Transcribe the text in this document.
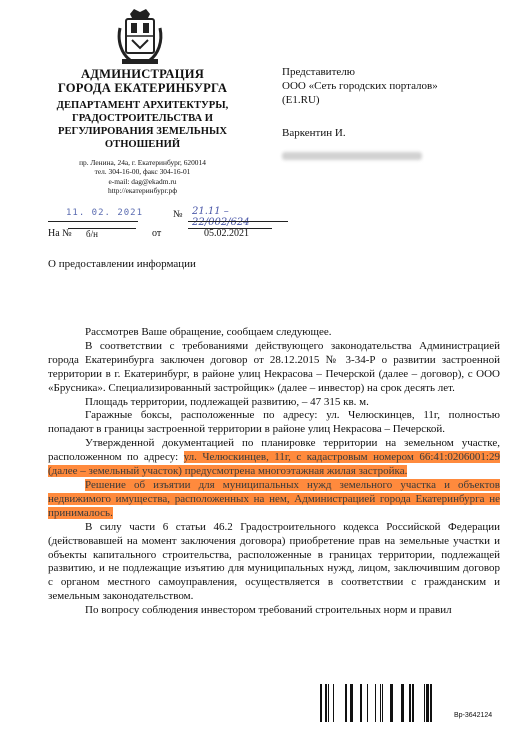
АДМИНИСТРАЦИЯ
ГОРОДА ЕКАТЕРИНБУРГА
ДЕПАРТАМЕНТ АРХИТЕКТУРЫ,
ГРАДОСТРОИТЕЛЬСТВА И
РЕГУЛИРОВАНИЯ ЗЕМЕЛЬНЫХ
ОТНОШЕНИЙ
пр. Ленина, 24а, г. Екатеринбург, 620014
тел. 304-16-00, факс 304-16-01
e-mail: dag@ekadm.ru
http://екатеринбург.рф
11. 02. 2021	№ 21.11 – 22/002/624
На № б/н	от	05.02.2021
О предоставлении информации
Представителю
ООО «Сеть городских порталов»
(E1.RU)
Варкентин И.

Рассмотрев Ваше обращение, сообщаем следующее.

В соответствии с требованиями действующего законодательства Администрацией города Екатеринбурга заключен договор от 28.12.2015 № 3-34-Р о развитии застроенной территории в г. Екатеринбург, в районе улиц Некрасова – Печерской (далее – договор), с ООО «Брусника». Специализированный застройщик» (далее – инвестор) на срок десять лет.

Площадь территории, подлежащей развитию, – 47 315 кв. м.

Гаражные боксы, расположенные по адресу: ул. Челюскинцев, 11г, полностью попадают в границы застроенной территории в районе улиц Некрасова – Печерской.

Утвержденной документацией по планировке территории на земельном участке, расположенном по адресу: ул. Челюскинцев, 11г, с кадастровым номером 66:41:0206001:29 (далее – земельный участок) предусмотрена многоэтажная жилая застройка.

Решение об изъятии для муниципальных нужд земельного участка и объектов недвижимого имущества, расположенных на нем, Администрацией города Екатеринбурга не принималось.

В силу части 6 статьи 46.2 Градостроительного кодекса Российской Федерации (действовавшей на момент заключения договора) приобретение прав на земельные участки и объекты капитального строительства, расположенные в границах территории, подлежащей развитию, и не подлежащие изъятию для муниципальных нужд, лицом, заключившим договор с органом местного самоуправления, осуществляется в соответствии с гражданским и земельным законодательством.

По вопросу соблюдения инвестором требований строительных норм и правил

Вр-3642124
